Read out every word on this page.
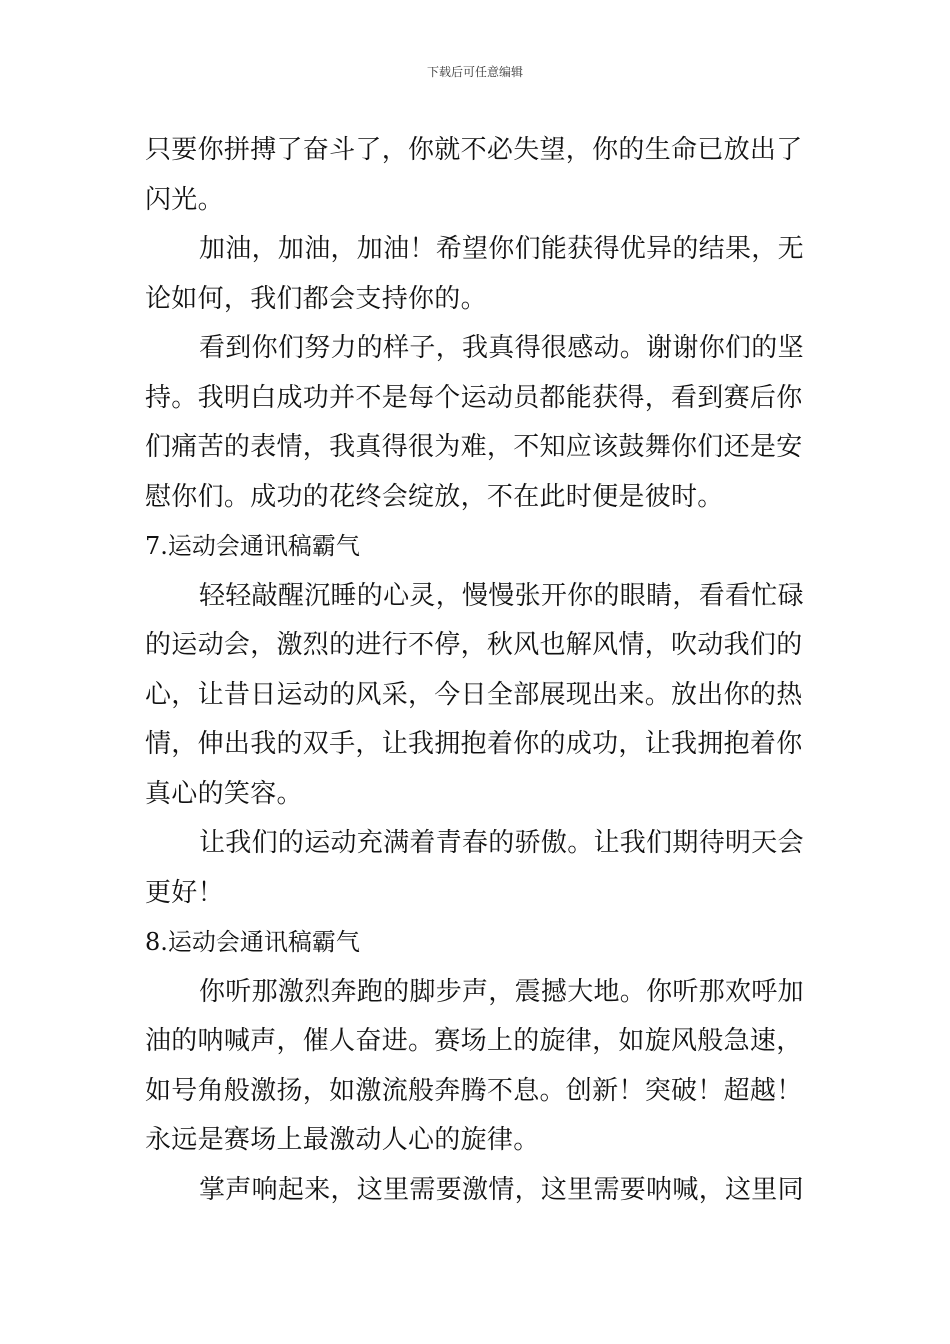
下载后可任意编辑
只要你拼搏了奋斗了，你就不必失望，你的生命已放出了
闪光。
加油，加油，加油！希望你们能获得优异的结果，无
论如何，我们都会支持你的。
看到你们努力的样子，我真得很感动。谢谢你们的坚
持。我明白成功并不是每个运动员都能获得，看到赛后你
们痛苦的表情，我真得很为难，不知应该鼓舞你们还是安
慰你们。成功的花终会绽放，不在此时便是彼时。
7.运动会通讯稿霸气
轻轻敲醒沉睡的心灵，慢慢张开你的眼睛，看看忙碌
的运动会，激烈的进行不停，秋风也解风情，吹动我们的
心，让昔日运动的风采，今日全部展现出来。放出你的热
情，伸出我的双手，让我拥抱着你的成功，让我拥抱着你
真心的笑容。
让我们的运动充满着青春的骄傲。让我们期待明天会
更好！
8.运动会通讯稿霸气
你听那激烈奔跑的脚步声，震撼大地。你听那欢呼加
油的呐喊声，催人奋进。赛场上的旋律，如旋风般急速，
如号角般激扬，如激流般奔腾不息。创新！突破！超越！
永远是赛场上最激动人心的旋律。
掌声响起来，这里需要激情，这里需要呐喊，这里同
